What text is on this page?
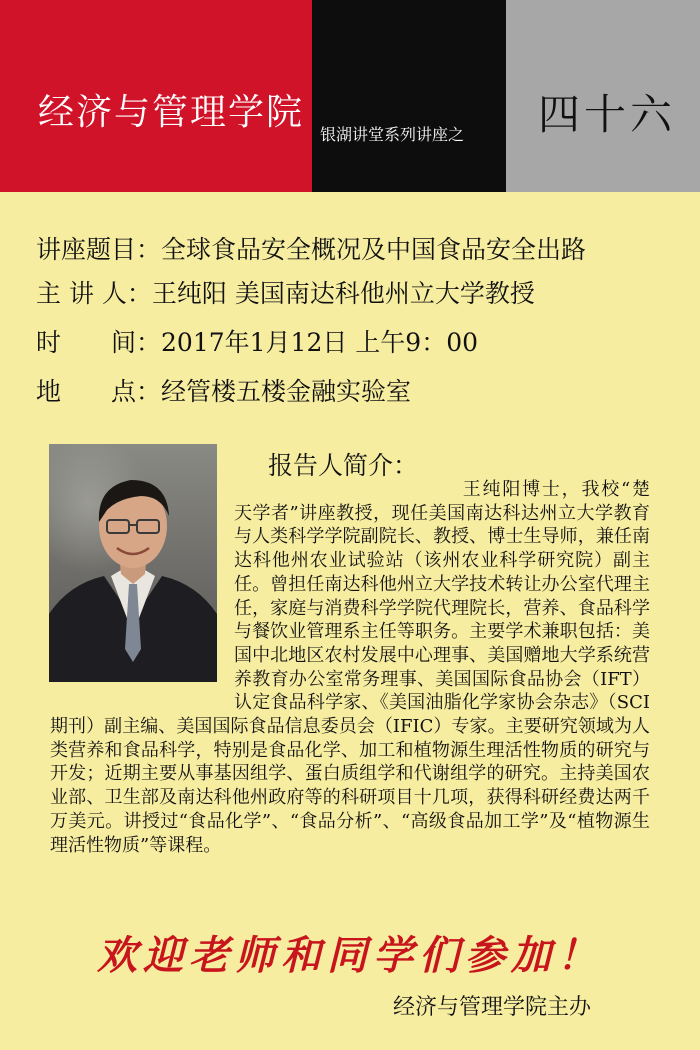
经济与管理学院
银湖讲堂系列讲座之 四十六
讲座题目：全球食品安全概况及中国食品安全出路
主 讲 人：王纯阳 美国南达科他州立大学教授
时　　间：2017年1月12日 上午9：00
地　　点：经管楼五楼金融实验室
报告人简介：
王纯阳博士，我校“楚天学者”讲座教授，现任美国南达科达州立大学教育与人类科学学院副院长、教授、博士生导师，兼任南达科他州农业试验站（该州农业科学研究院）副主任。曾担任南达科他州立大学技术转让办公室代理主任，家庭与消费科学学院代理院长，营养、食品科学与餐饮业管理系主任等职务。主要学术兼职包括：美国中北地区农村发展中心理事、美国赠地大学系统营养教育办公室常务理事、美国国际食品协会（IFT）认定食品科学家、《美国油脂化学家协会杂志》（SCI期刊）副主编、美国国际食品信息委员会（IFIC）专家。主要研究领域为人类营养和食品科学，特别是食品化学、加工和植物源生理活性物质的研究与开发；近期主要从事基因组学、蛋白质组学和代谢组学的研究。主持美国农业部、卫生部及南达科他州政府等的科研项目十几项，获得科研经费达两千万美元。讲授过“食品化学”、“食品分析”、“高级食品加工学”及“植物源生理活性物质”等课程。
欢迎老师和同学们参加！
经济与管理学院主办
